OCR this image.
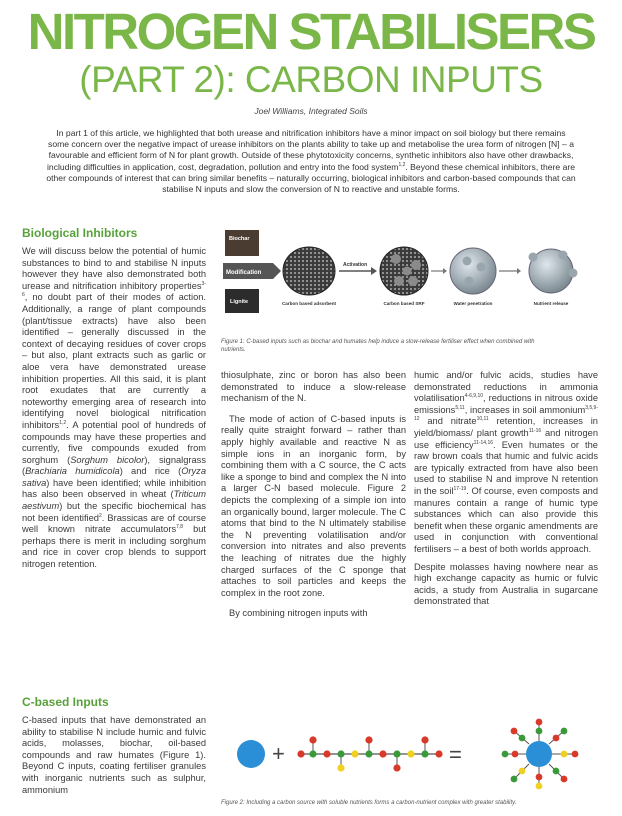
NITROGEN STABILISERS
(PART 2): CARBON INPUTS
Joel Williams, Integrated Soils
In part 1 of this article, we highlighted that both urease and nitrification inhibitors have a minor impact on soil biology but there remains some concern over the negative impact of urease inhibitors on the plants ability to take up and metabolise the urea form of nitrogen [N] – a favourable and efficient form of N for plant growth. Outside of these phytotoxicity concerns, synthetic inhibitors also have other drawbacks, including difficulties in application, cost, degradation, pollution and entry into the food system$^{1,2}$. Beyond these chemical inhibitors, there are other compounds of interest that can bring similar benefits – naturally occurring, biological inhibitors and carbon-based compounds that can stabilise N inputs and slow the conversion of N to reactive and unstable forms.
Biological Inhibitors

We will discuss below the potential of humic substances to bind to and stabilise N inputs however they have also demonstrated both urease and nitrification inhibitory properties$^{3-6}$, no doubt part of their modes of action. Additionally, a range of plant compounds (plant/tissue extracts) have also been identified – generally discussed in the context of decaying residues of cover crops – but also, plant extracts such as garlic or aloe vera have demonstrated urease inhibition properties. All this said, it is plant root exudates that are currently a noteworthy emerging area of research into identifying novel biological nitrification inhibitors$^{1,2}$. A potential pool of hundreds of compounds may have these properties and currently, five compounds exuded from sorghum (Sorghum bicolor), signalgrass (Brachiaria humidicola) and rice (Oryza sativa) have been identified; while inhibition has also been observed in wheat (Triticum aestivum) but the specific biochemical has not been identified$^2$. Brassicas are of course well known nitrate accumulators$^{7,8}$ but perhaps there is merit in including sorghum and rice in cover crop blends to support nitrogen retention.

C-based Inputs

C-based inputs that have demonstrated an ability to stabilise N include humic and fulvic acids, molasses, biochar, oil-based compounds and raw humates (Figure 1). Beyond C inputs, coating fertiliser granules with inorganic nutrients such as sulphur, ammonium

Biochar
Modification
Lignite	Carbon based adsorbent
Activation
Carbon based SRF	Water penetration	Nutrient release
Figure 1: C-based inputs such as biochar and humates help induce a slow-release fertiliser effect when combined with nutrients.

thiosulphate, zinc or boron has also been demonstrated to induce a slow-release mechanism of the N.

The mode of action of C-based inputs is really quite straight forward – rather than apply highly available and reactive N as simple ions in an inorganic form, by combining them with a C source, the C acts like a sponge to bind and complex the N into a larger C-N based molecule. Figure 2 depicts the complexing of a simple ion into an organically bound, larger molecule. The C atoms that bind to the N ultimately stabilise the N preventing volatilisation and/or conversion into nitrates and also prevents the leaching of nitrates due the highly charged surfaces of the C sponge that attaches to soil particles and keeps the complex in the root zone.

By combining nitrogen inputs with

humic and/or fulvic acids, studies have demonstrated reductions in ammonia volatilisation$^{4-6,9,10}$, reductions in nitrous oxide emissions$^{5,11}$, increases in soil ammonium$^{3,5,9-12}$ and nitrate$^{10,11}$ retention, increases in yield/biomass/ plant growth$^{11-16}$ and nitrogen use efficiency$^{11-14,16}$. Even humates or the raw brown coals that humic and fulvic acids are typically extracted from have also been used to stabilise N and improve N retention in the soil$^{17-19}$. Of course, even composts and manures contain a range of humic type substances which can also provide this benefit when these organic amendments are used in conjunction with conventional fertilisers – a best of both worlds approach.

Despite molasses having nowhere near as high exchange capacity as humic or fulvic acids, a study from Australia in sugarcane demonstrated that

+	=
Figure 2: Including a carbon source with soluble nutrients forms a carbon-nutrient complex with greater stability.
